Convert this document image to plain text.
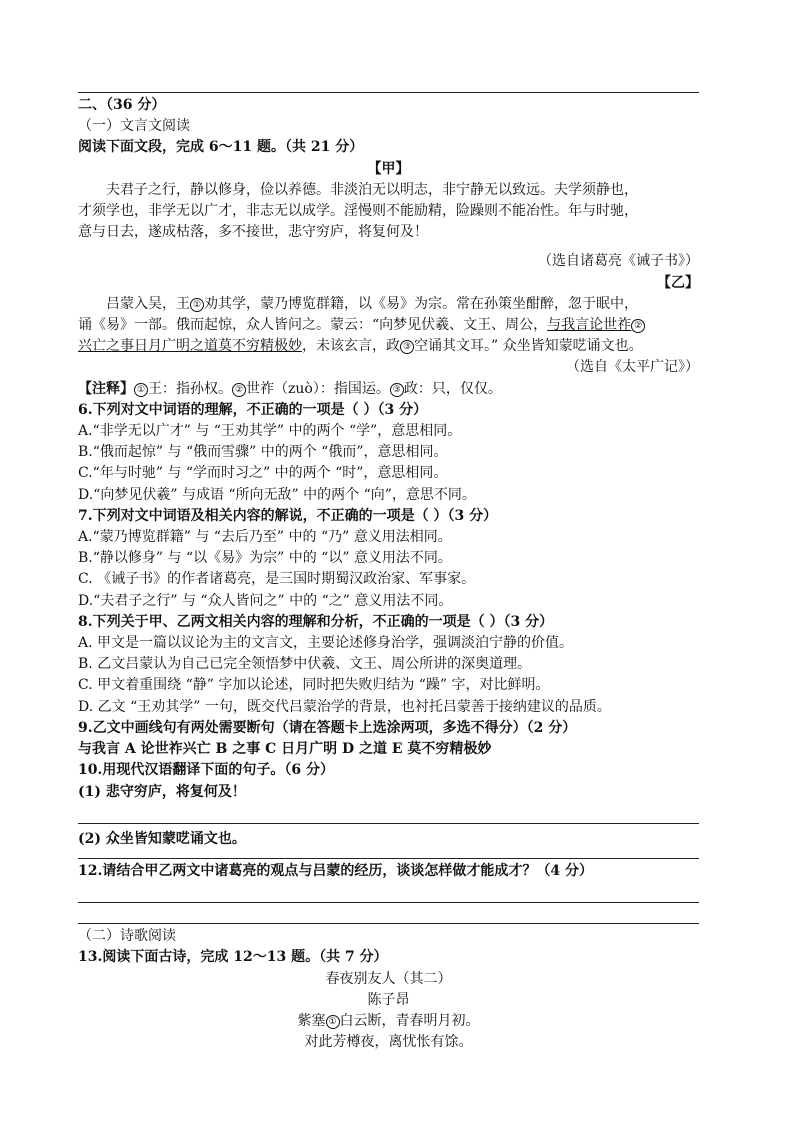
二、（36 分）
（一）文言文阅读
阅读下面文段，完成 6～11 题。（共 21 分）
【甲】
夫君子之行，静以修身，俭以养德。非淡泊无以明志，非宁静无以致远。夫学须静也，
才须学也，非学无以广才，非志无以成学。淫慢则不能励精，险躁则不能冶性。年与时驰，
意与日去，遂成枯落，多不接世，悲守穷庐，将复何及！
（选自诸葛亮《诫子书》）
【乙】
吕蒙入吴，王 ① 劝其学，蒙乃博览群籍，以《易》为宗。常在孙策坐酣醉，忽于眠中，
诵《易》一部。俄而起惊，众人皆问之。蒙云：“向梦见伏羲、文王、周公，与我言论世祚 ②
兴亡之事日月广明之道莫不穷精极妙，未该玄言，政 ③ 空诵其文耳。” 众坐皆知蒙呓诵文也。
（选自《太平广记》）
【注释】 ① 王：指孙权。 ② 世祚（zuò）：指国运。 ③ 政：只，仅仅。
6.下列对文中词语的理解，不正确的一项是（ ）（3 分）
A.“非学无以广才” 与 “王劝其学” 中的两个 “学”，意思相同。
B.“俄而起惊” 与 “俄而雪骤” 中的两个 “俄而”，意思相同。
C.“年与时驰” 与 “学而时习之” 中的两个 “时”，意思相同。
D.“向梦见伏羲” 与成语 “所向无敌” 中的两个 “向”，意思不同。
7.下列对文中词语及相关内容的解说，不正确的一项是（ ）（3 分）
A.“蒙乃博览群籍” 与 “去后乃至” 中的 “乃” 意义用法相同。
B.“静以修身” 与 “以《易》为宗” 中的 “以” 意义用法不同。
C. 《诫子书》的作者诸葛亮，是三国时期蜀汉政治家、军事家。
D.“夫君子之行” 与 “众人皆问之” 中的 “之” 意义用法不同。
8.下列关于甲、乙两文相关内容的理解和分析，不正确的一项是（ ）（3 分）
A. 甲文是一篇以议论为主的文言文，主要论述修身治学，强调淡泊宁静的价值。
B. 乙文吕蒙认为自己已完全领悟梦中伏羲、文王、周公所讲的深奥道理。
C. 甲文着重围绕 “静” 字加以论述，同时把失败归结为 “躁” 字，对比鲜明。
D. 乙文 “王劝其学” 一句，既交代吕蒙治学的背景，也衬托吕蒙善于接纳建议的品质。
9.乙文中画线句有两处需要断句（请在答题卡上选涂两项，多选不得分）（2 分）
与我言 A 论世祚兴亡 B 之事 C 日月广明 D 之道 E 莫不穷精极妙
10.用现代汉语翻译下面的句子。（6 分）
(1) 悲守穷庐，将复何及！
(2) 众坐皆知蒙呓诵文也。
12.请结合甲乙两文中诸葛亮的观点与吕蒙的经历，谈谈怎样做才能成才？（4 分）
（二）诗歌阅读
13.阅读下面古诗，完成 12～13 题。（共 7 分）
春夜别友人（其二）
陈子昂
紫塞 ① 白云断，青春明月初。
对此芳樽夜，离忧怅有馀。
